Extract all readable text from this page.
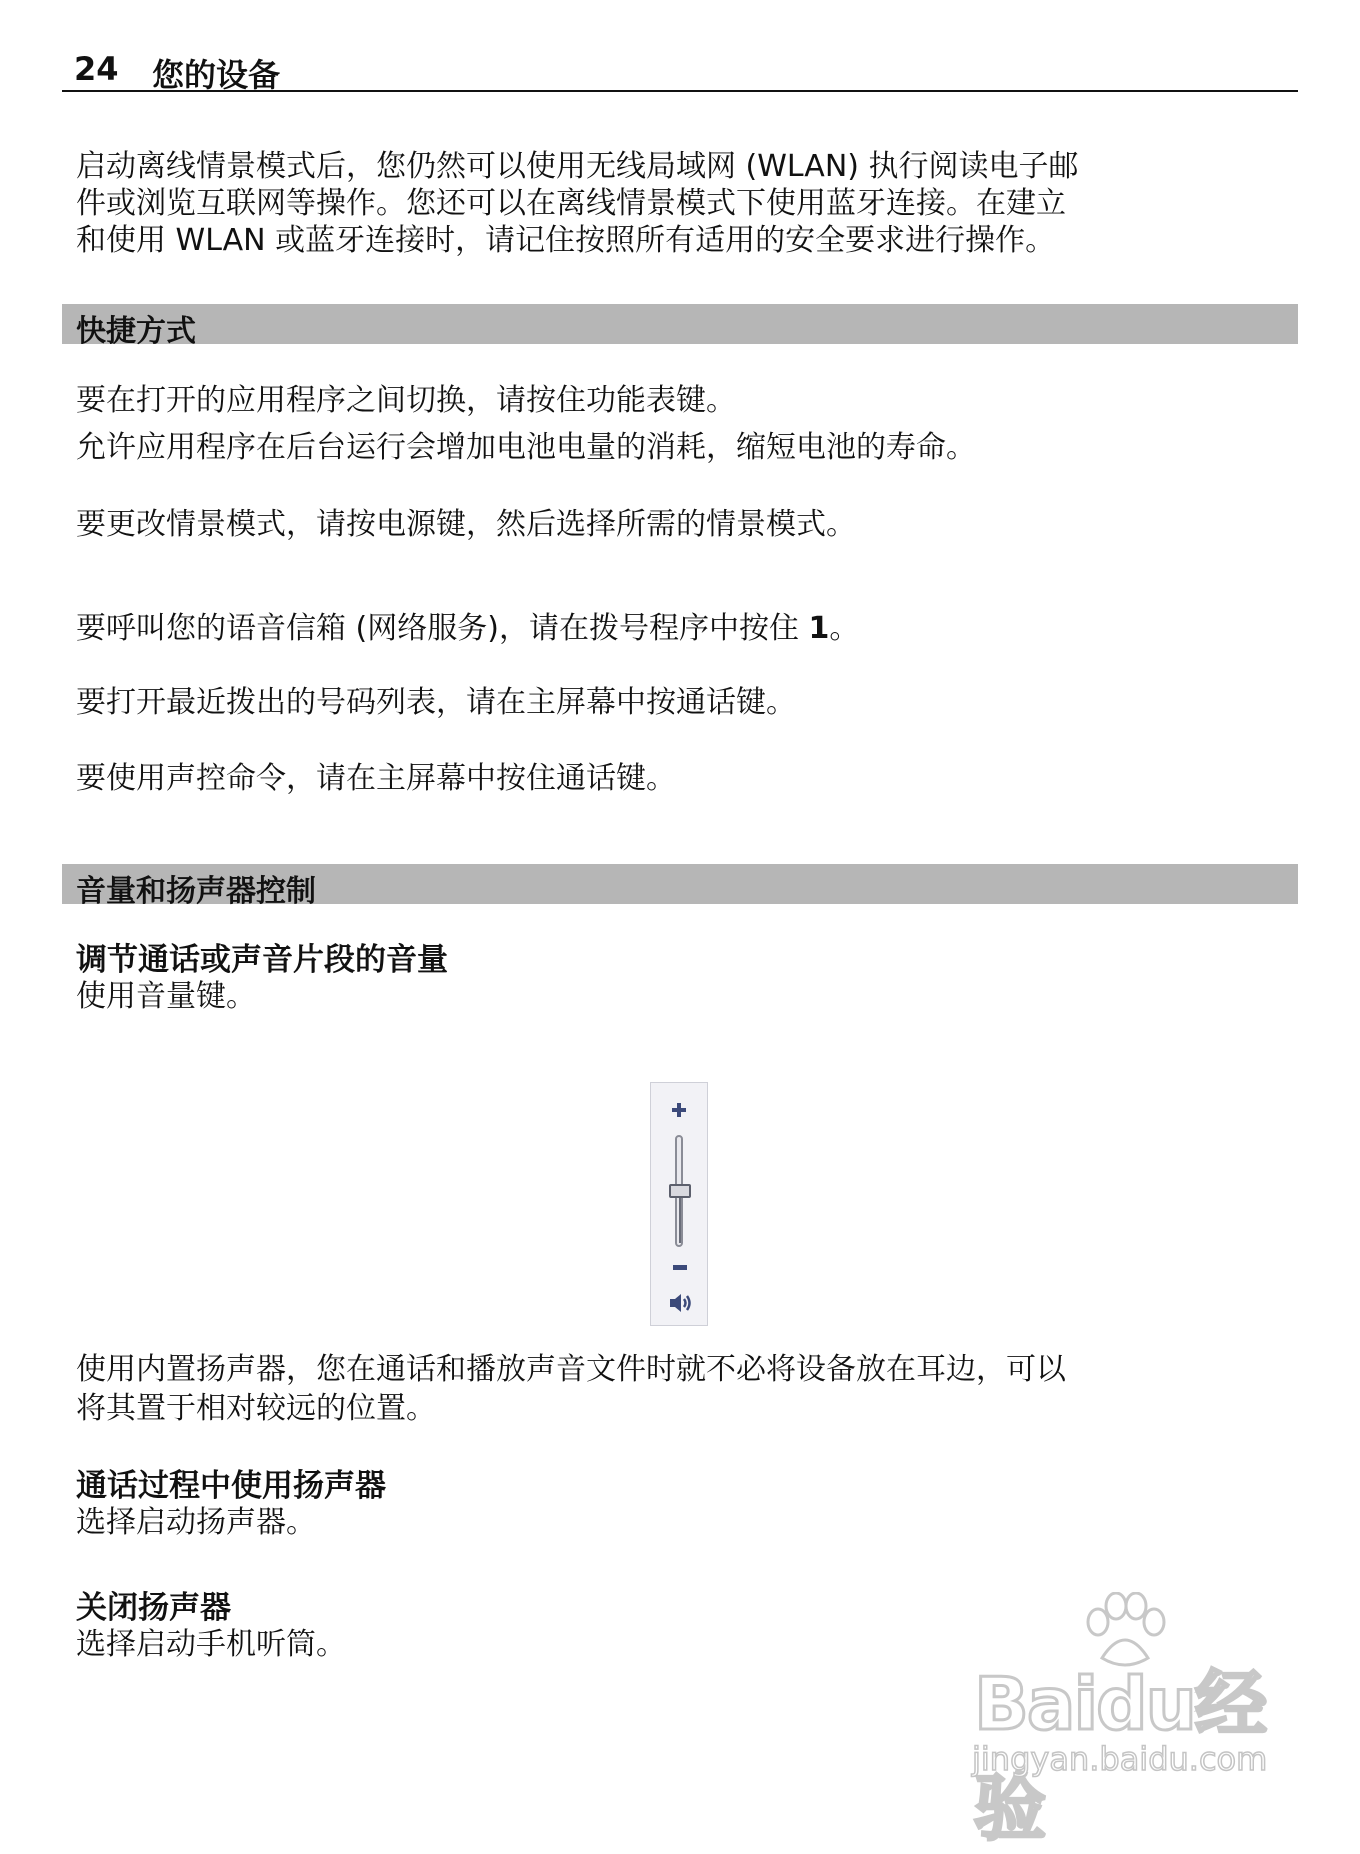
24 您的设备
启动离线情景模式后，您仍然可以使用无线局域网 (WLAN) 执行阅读电子邮
件或浏览互联网等操作。您还可以在离线情景模式下使用蓝牙连接。在建立
和使用 WLAN 或蓝牙连接时，请记住按照所有适用的安全要求进行操作。
快捷方式
要在打开的应用程序之间切换，请按住功能表键。
允许应用程序在后台运行会增加电池电量的消耗，缩短电池的寿命。
要更改情景模式，请按电源键，然后选择所需的情景模式。
要呼叫您的语音信箱 (网络服务)，请在拨号程序中按住 1。
要打开最近拨出的号码列表，请在主屏幕中按通话键。
要使用声控命令，请在主屏幕中按住通话键。
音量和扬声器控制
调节通话或声音片段的音量
使用音量键。
使用内置扬声器，您在通话和播放声音文件时就不必将设备放在耳边，可以
将其置于相对较远的位置。
通话过程中使用扬声器
选择启动扬声器。
关闭扬声器
选择启动手机听筒。
Baidu经验
jingyan.baidu.com
